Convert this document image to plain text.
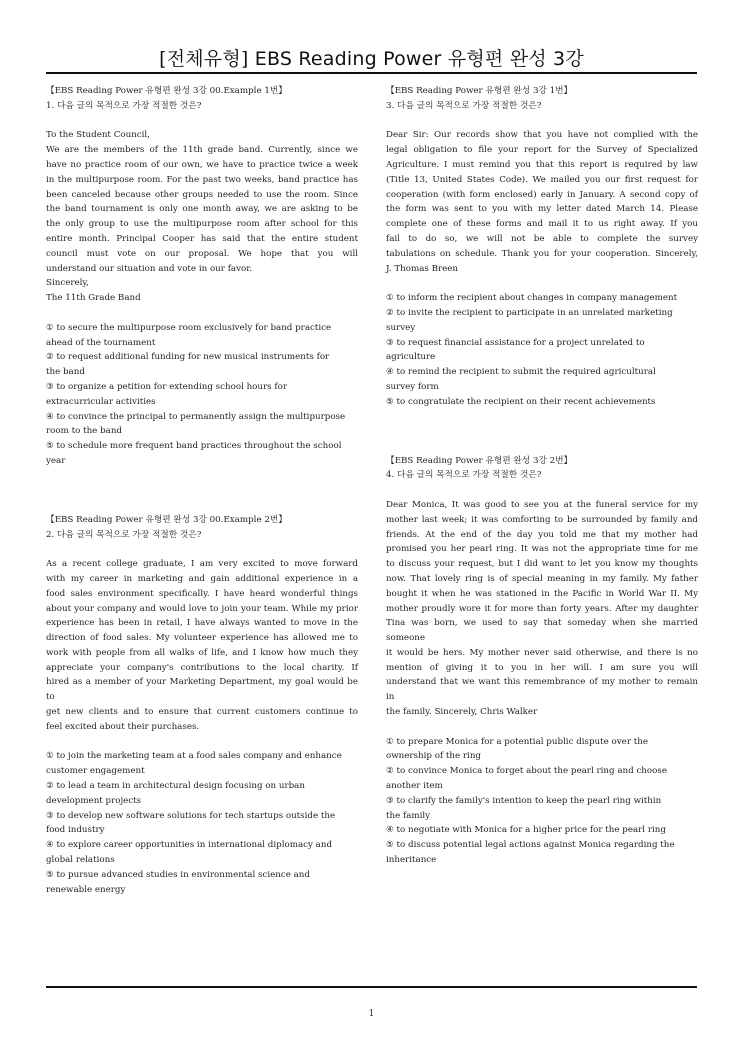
[전체유형] EBS Reading Power 유형편 완성 3강

【EBS Reading Power 유형편 완성 3강 00.Example 1번】

1. 다음 글의 목적으로 가장 적절한 것은?

To the Student Council,
We are the members of the 11th grade band. Currently, since we
have no practice room of our own, we have to practice twice a week
in the multipurpose room. For the past two weeks, band practice has
been canceled because other groups needed to use the room. Since
the band tournament is only one month away, we are asking to be
the only group to use the multipurpose room after school for this
entire month. Principal Cooper has said that the entire student
council must vote on our proposal. We hope that you will
understand our situation and vote in our favor.
Sincerely,
The 11th Grade Band

① to secure the multipurpose room exclusively for band practice
ahead of the tournament

② to request additional funding for new musical instruments for
the band

③ to organize a petition for extending school hours for
extracurricular activities

④ to convince the principal to permanently assign the multipurpose
room to the band

⑤ to schedule more frequent band practices throughout the school
year

【EBS Reading Power 유형편 완성 3강 00.Example 2번】

2. 다음 글의 목적으로 가장 적절한 것은?

As a recent college graduate, I am very excited to move forward
with my career in marketing and gain additional experience in a
food sales environment specifically. I have heard wonderful things
about your company and would love to join your team. While my prior
experience has been in retail, I have always wanted to move in the
direction of food sales. My volunteer experience has allowed me to
work with people from all walks of life, and I know how much they
appreciate your company's contributions to the local charity. If
hired as a member of your Marketing Department, my goal would be to
get new clients and to ensure that current customers continue to
feel excited about their purchases.

① to join the marketing team at a food sales company and enhance
customer engagement

② to lead a team in architectural design focusing on urban
development projects

③ to develop new software solutions for tech startups outside the
food industry

④ to explore career opportunities in international diplomacy and
global relations

⑤ to pursue advanced studies in environmental science and
renewable energy

【EBS Reading Power 유형편 완성 3강 1번】

3. 다음 글의 목적으로 가장 적절한 것은?

Dear Sir: Our records show that you have not complied with the
legal obligation to file your report for the Survey of Specialized
Agriculture. I must remind you that this report is required by law
(Title 13, United States Code). We mailed you our first request for
cooperation (with form enclosed) early in January. A second copy of
the form was sent to you with my letter dated March 14. Please
complete one of these forms and mail it to us right away. If you
fail to do so, we will not be able to complete the survey
tabulations on schedule. Thank you for your cooperation. Sincerely,
J. Thomas Breen

① to inform the recipient about changes in company management

② to invite the recipient to participate in an unrelated marketing
survey

③ to request financial assistance for a project unrelated to
agriculture

④ to remind the recipient to submit the required agricultural
survey form

⑤ to congratulate the recipient on their recent achievements

【EBS Reading Power 유형편 완성 3강 2번】

4. 다음 글의 목적으로 가장 적절한 것은?

Dear Monica, It was good to see you at the funeral service for my
mother last week; it was comforting to be surrounded by family and
friends. At the end of the day you told me that my mother had
promised you her pearl ring. It was not the appropriate time for me
to discuss your request, but I did want to let you know my thoughts
now. That lovely ring is of special meaning in my family. My father
bought it when he was stationed in the Pacific in World War II. My
mother proudly wore it for more than forty years. After my daughter
Tina was born, we used to say that someday when she married someone
it would be hers. My mother never said otherwise, and there is no
mention of giving it to you in her will. I am sure you will
understand that we want this remembrance of my mother to remain in
the family. Sincerely, Chris Walker

① to prepare Monica for a potential public dispute over the
ownership of the ring

② to convince Monica to forget about the pearl ring and choose
another item

③ to clarify the family's intention to keep the pearl ring within
the family

④ to negotiate with Monica for a higher price for the pearl ring

⑤ to discuss potential legal actions against Monica regarding the
inheritance

1
